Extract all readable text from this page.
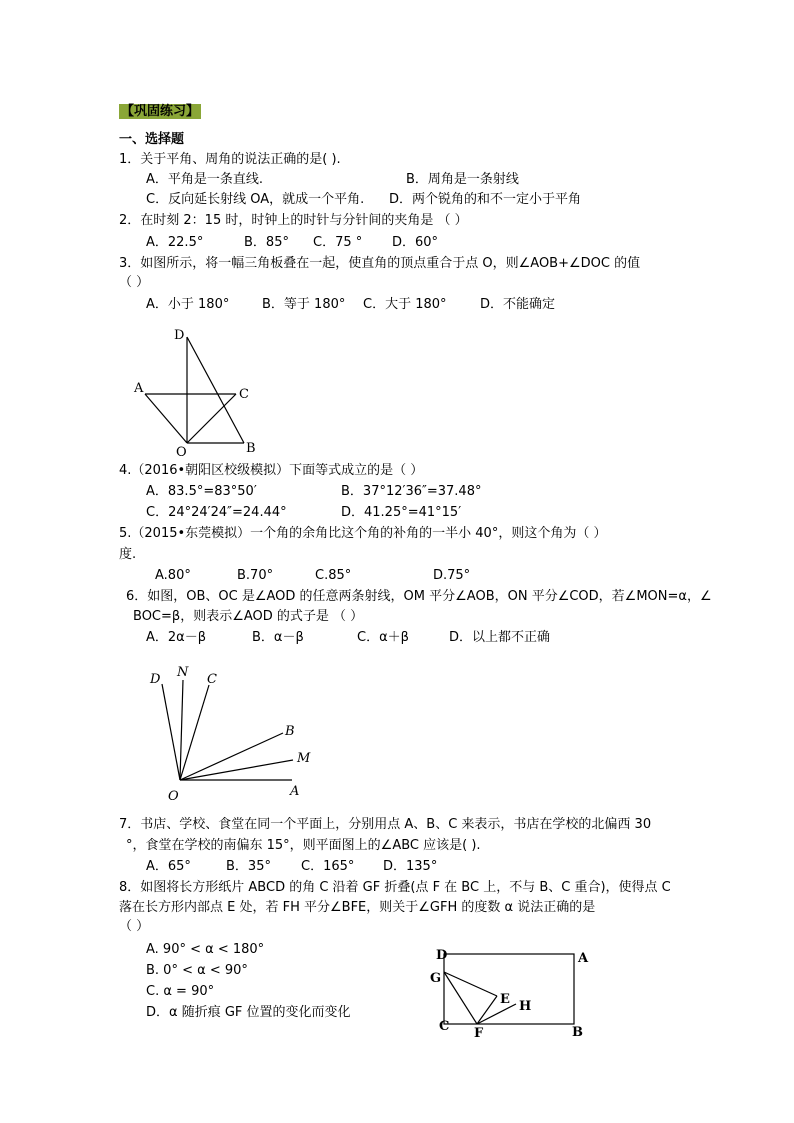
【巩固练习】
一、选择题
1．关于平角、周角的说法正确的是( ).
A．平角是一条直线.	B．周角是一条射线
C．反向延长射线 OA，就成一个平角. D．两个锐角的和不一定小于平角
2．在时刻 2：15 时，时钟上的时针与分针间的夹角是 （ ）
A．22.5°	B．85° C．75 ° D．60°
3．如图所示，将一幅三角板叠在一起，使直角的顶点重合于点 O，则∠AOB+∠DOC 的值
（ ）
A．小于 180°	B．等于 180° C．大于 180°	D．不能确定
D
A	C
O	B
4.（2016•朝阳区校级模拟）下面等式成立的是（ ）
A．83.5°=83°50′	B．37°12′36″=37.48°
C．24°24′24″=24.44°	D．41.25°=41°15′
5.（2015•东莞模拟）一个角的余角比这个角的补角的一半小 40°，则这个角为（ ）
度.
A.80°	B.70°	C.85°	D.75°
6．如图，OB、OC 是∠AOD 的任意两条射线，OM 平分∠AOB，ON 平分∠COD，若∠MON=α，∠
BOC=β，则表示∠AOD 的式子是 （ ）
A．2α－β	B．α－β	C．α＋β	D．以上都不正确
D N C
B
M
O	A
7．书店、学校、食堂在同一个平面上，分别用点 A、B、C 来表示，书店在学校的北偏西 30
°，食堂在学校的南偏东 15°，则平面图上的∠ABC 应该是( ).
A．65°	B．35° C．165° D．135°
8．如图将长方形纸片 ABCD 的角 C 沿着 GF 折叠(点 F 在 BC 上，不与 B、C 重合)，使得点 C
落在长方形内部点 E 处，若 FH 平分∠BFE，则关于∠GFH 的度数 α 说法正确的是
（ ）
A. 90° < α < 180°
B. 0° < α < 90°
C. α = 90°
D．α 随折痕 GF 位置的变化而变化
D	A
G
E H
C F	B
